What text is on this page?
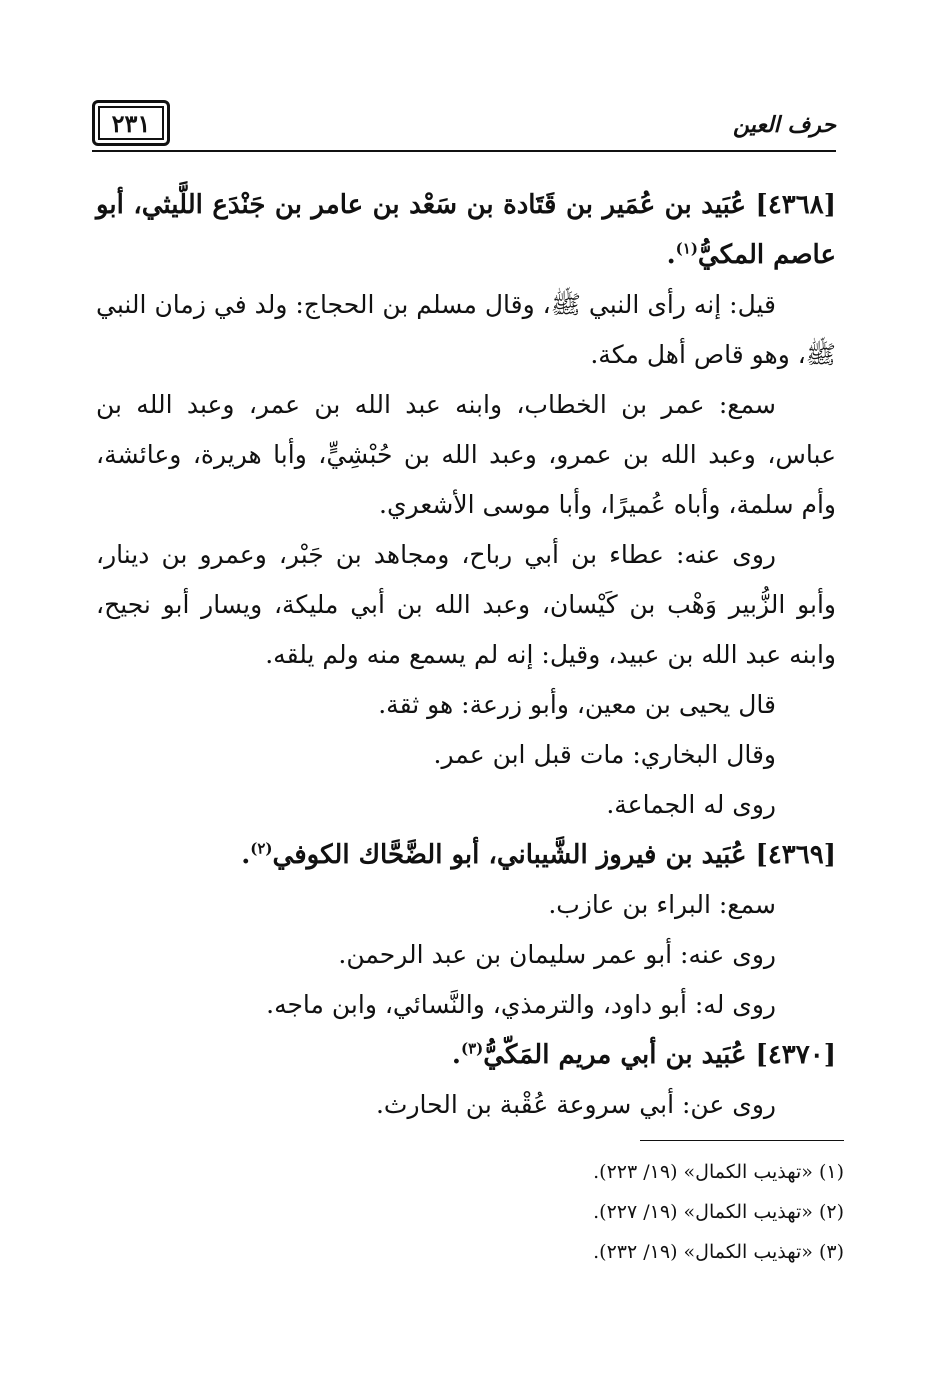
٢٣١	حرف العين

[٤٣٦٨] عُبَيد بن عُمَير بن قَتَادة بن سَعْد بن عامر بن جَنْدَع اللَّيثي، أبو عاصم المكيُّ$^{(١)}$.

قيل: إنه رأى النبي ﷺ، وقال مسلم بن الحجاج: ولد في زمان النبي ﷺ، وهو قاص أهل مكة.

سمع: عمر بن الخطاب، وابنه عبد الله بن عمر، وعبد الله بن عباس، وعبد الله بن عمرو، وعبد الله بن حُبْشِيٍّ، وأبا هريرة، وعائشة، وأم سلمة، وأباه عُميرًا، وأبا موسى الأشعري.

روى عنه: عطاء بن أبي رباح، ومجاهد بن جَبْر، وعمرو بن دينار، وأبو الزُّبير وَهْب بن كَيْسان، وعبد الله بن أبي مليكة، ويسار أبو نجيح، وابنه عبد الله بن عبيد، وقيل: إنه لم يسمع منه ولم يلقه.

قال يحيى بن معين، وأبو زرعة: هو ثقة.

وقال البخاري: مات قبل ابن عمر.

روى له الجماعة.

[٤٣٦٩] عُبَيد بن فيروز الشَّيباني، أبو الضَّحَّاك الكوفي$^{(٢)}$.

سمع: البراء بن عازب.

روى عنه: أبو عمر سليمان بن عبد الرحمن.

روى له: أبو داود، والترمذي، والنَّسائي، وابن ماجه.

[٤٣٧٠] عُبَيد بن أبي مريم المَكّيُّ$^{(٣)}$.

روى عن: أبي سروعة عُقْبة بن الحارث.

(١) «تهذيب الكمال» (١٩/ ٢٢٣).

(٢) «تهذيب الكمال» (١٩/ ٢٢٧).

(٣) «تهذيب الكمال» (١٩/ ٢٣٢).
